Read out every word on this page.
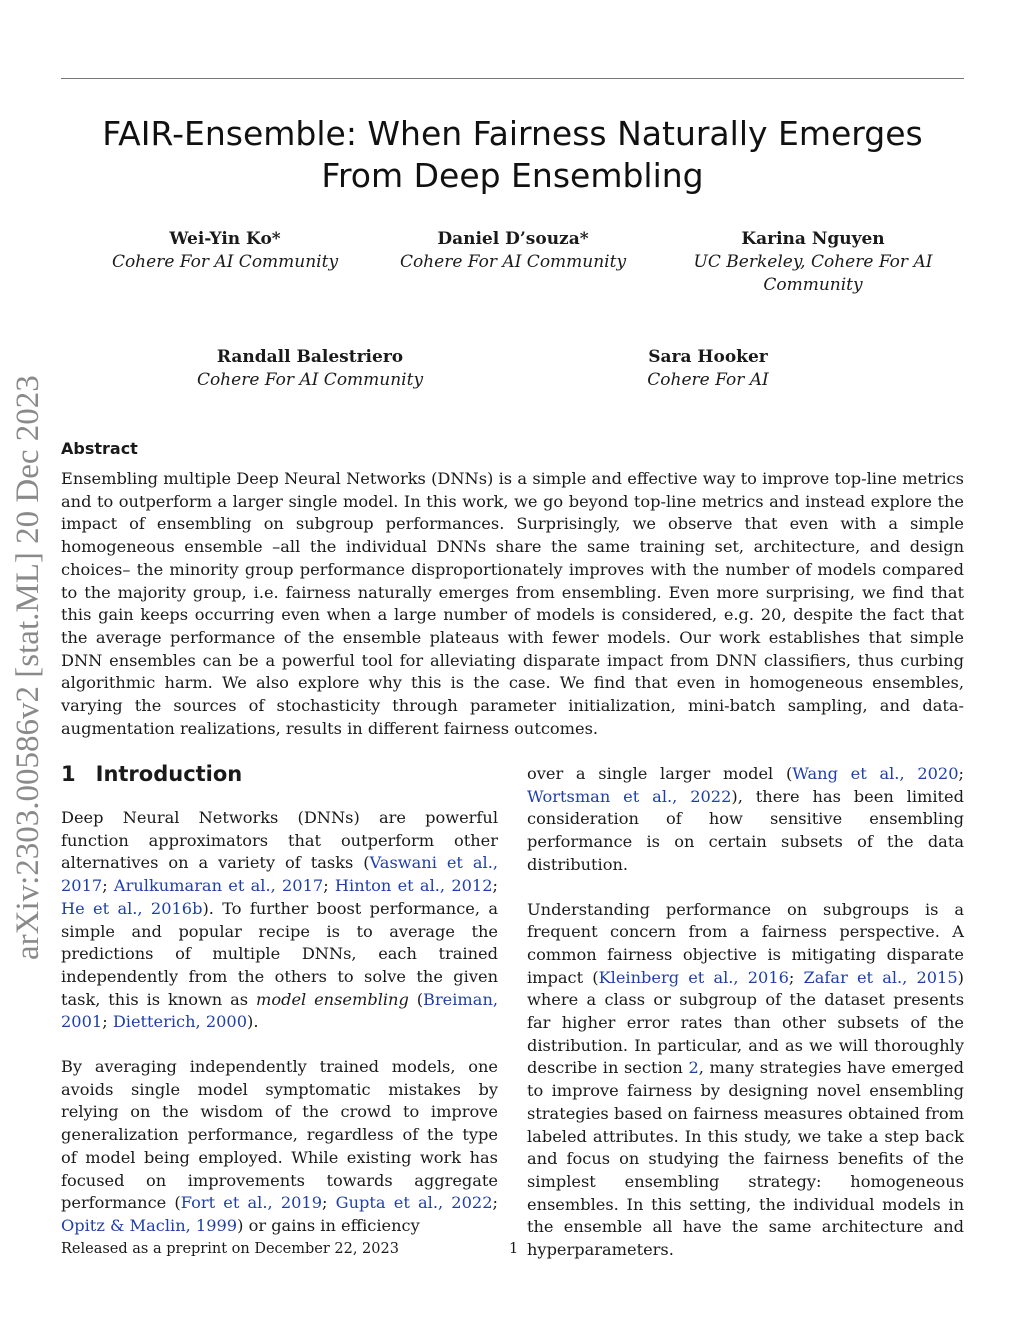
FAIR-Ensemble: When Fairness Naturally Emerges
From Deep Ensembling
Wei-Yin Ko*
Cohere For AI Community
Daniel D’souza*
Cohere For AI Community
Karina Nguyen
UC Berkeley, Cohere For AI Community
Randall Balestriero
Cohere For AI Community
Sara Hooker
Cohere For AI
arXiv:2303.00586v2 [stat.ML] 20 Dec 2023 Abstract
Ensembling multiple Deep Neural Networks (DNNs) is a simple and effective way to improve top-line metrics and to outperform a larger single model. In this work, we go beyond top-line metrics and instead explore the impact of ensembling on subgroup performances. Surprisingly, we observe that even with a simple homogeneous ensemble –all the individual DNNs share the same training set, architecture, and design choices– the minority group performance disproportionately improves with the number of models compared to the majority group, i.e. fairness naturally emerges from ensembling. Even more surprising, we find that this gain keeps occurring even when a large number of models is considered, e.g. 20, despite the fact that the average performance of the ensemble plateaus with fewer models. Our work establishes that simple DNN ensembles can be a powerful tool for alleviating disparate impact from DNN classifiers, thus curbing algorithmic harm. We also explore why this is the case. We find that even in homogeneous ensembles, varying the sources of stochasticity through parameter initialization, mini-batch sampling, and data-augmentation realizations, results in different fairness outcomes.
1 Introduction

Deep Neural Networks (DNNs) are powerful function approximators that outperform other alternatives on a variety of tasks (Vaswani et al., 2017; Arulkumaran et al., 2017; Hinton et al., 2012; He et al., 2016b). To further boost performance, a simple and popular recipe is to average the predictions of multiple DNNs, each trained independently from the others to solve the given task, this is known as model ensembling (Breiman, 2001; Dietterich, 2000).

By averaging independently trained models, one avoids single model symptomatic mistakes by relying on the wisdom of the crowd to improve generalization performance, regardless of the type of model being employed. While existing work has focused on improvements towards aggregate performance (Fort et al., 2019; Gupta et al., 2022; Opitz & Maclin, 1999) or gains in efficiency

over a single larger model (Wang et al., 2020; Wortsman et al., 2022), there has been limited consideration of how sensitive ensembling performance is on certain subsets of the data distribution.

Understanding performance on subgroups is a frequent concern from a fairness perspective. A common fairness objective is mitigating disparate impact (Kleinberg et al., 2016; Zafar et al., 2015) where a class or subgroup of the dataset presents far higher error rates than other subsets of the distribution. In particular, and as we will thoroughly describe in section 2, many strategies have emerged to improve fairness by designing novel ensembling strategies based on fairness measures obtained from labeled attributes. In this study, we take a step back and focus on studying the fairness benefits of the simplest ensembling strategy: homogeneous ensembles. In this setting, the individual models in the ensemble all have the same architecture and hyperparameters.

Released as a preprint on December 22, 2023	1
